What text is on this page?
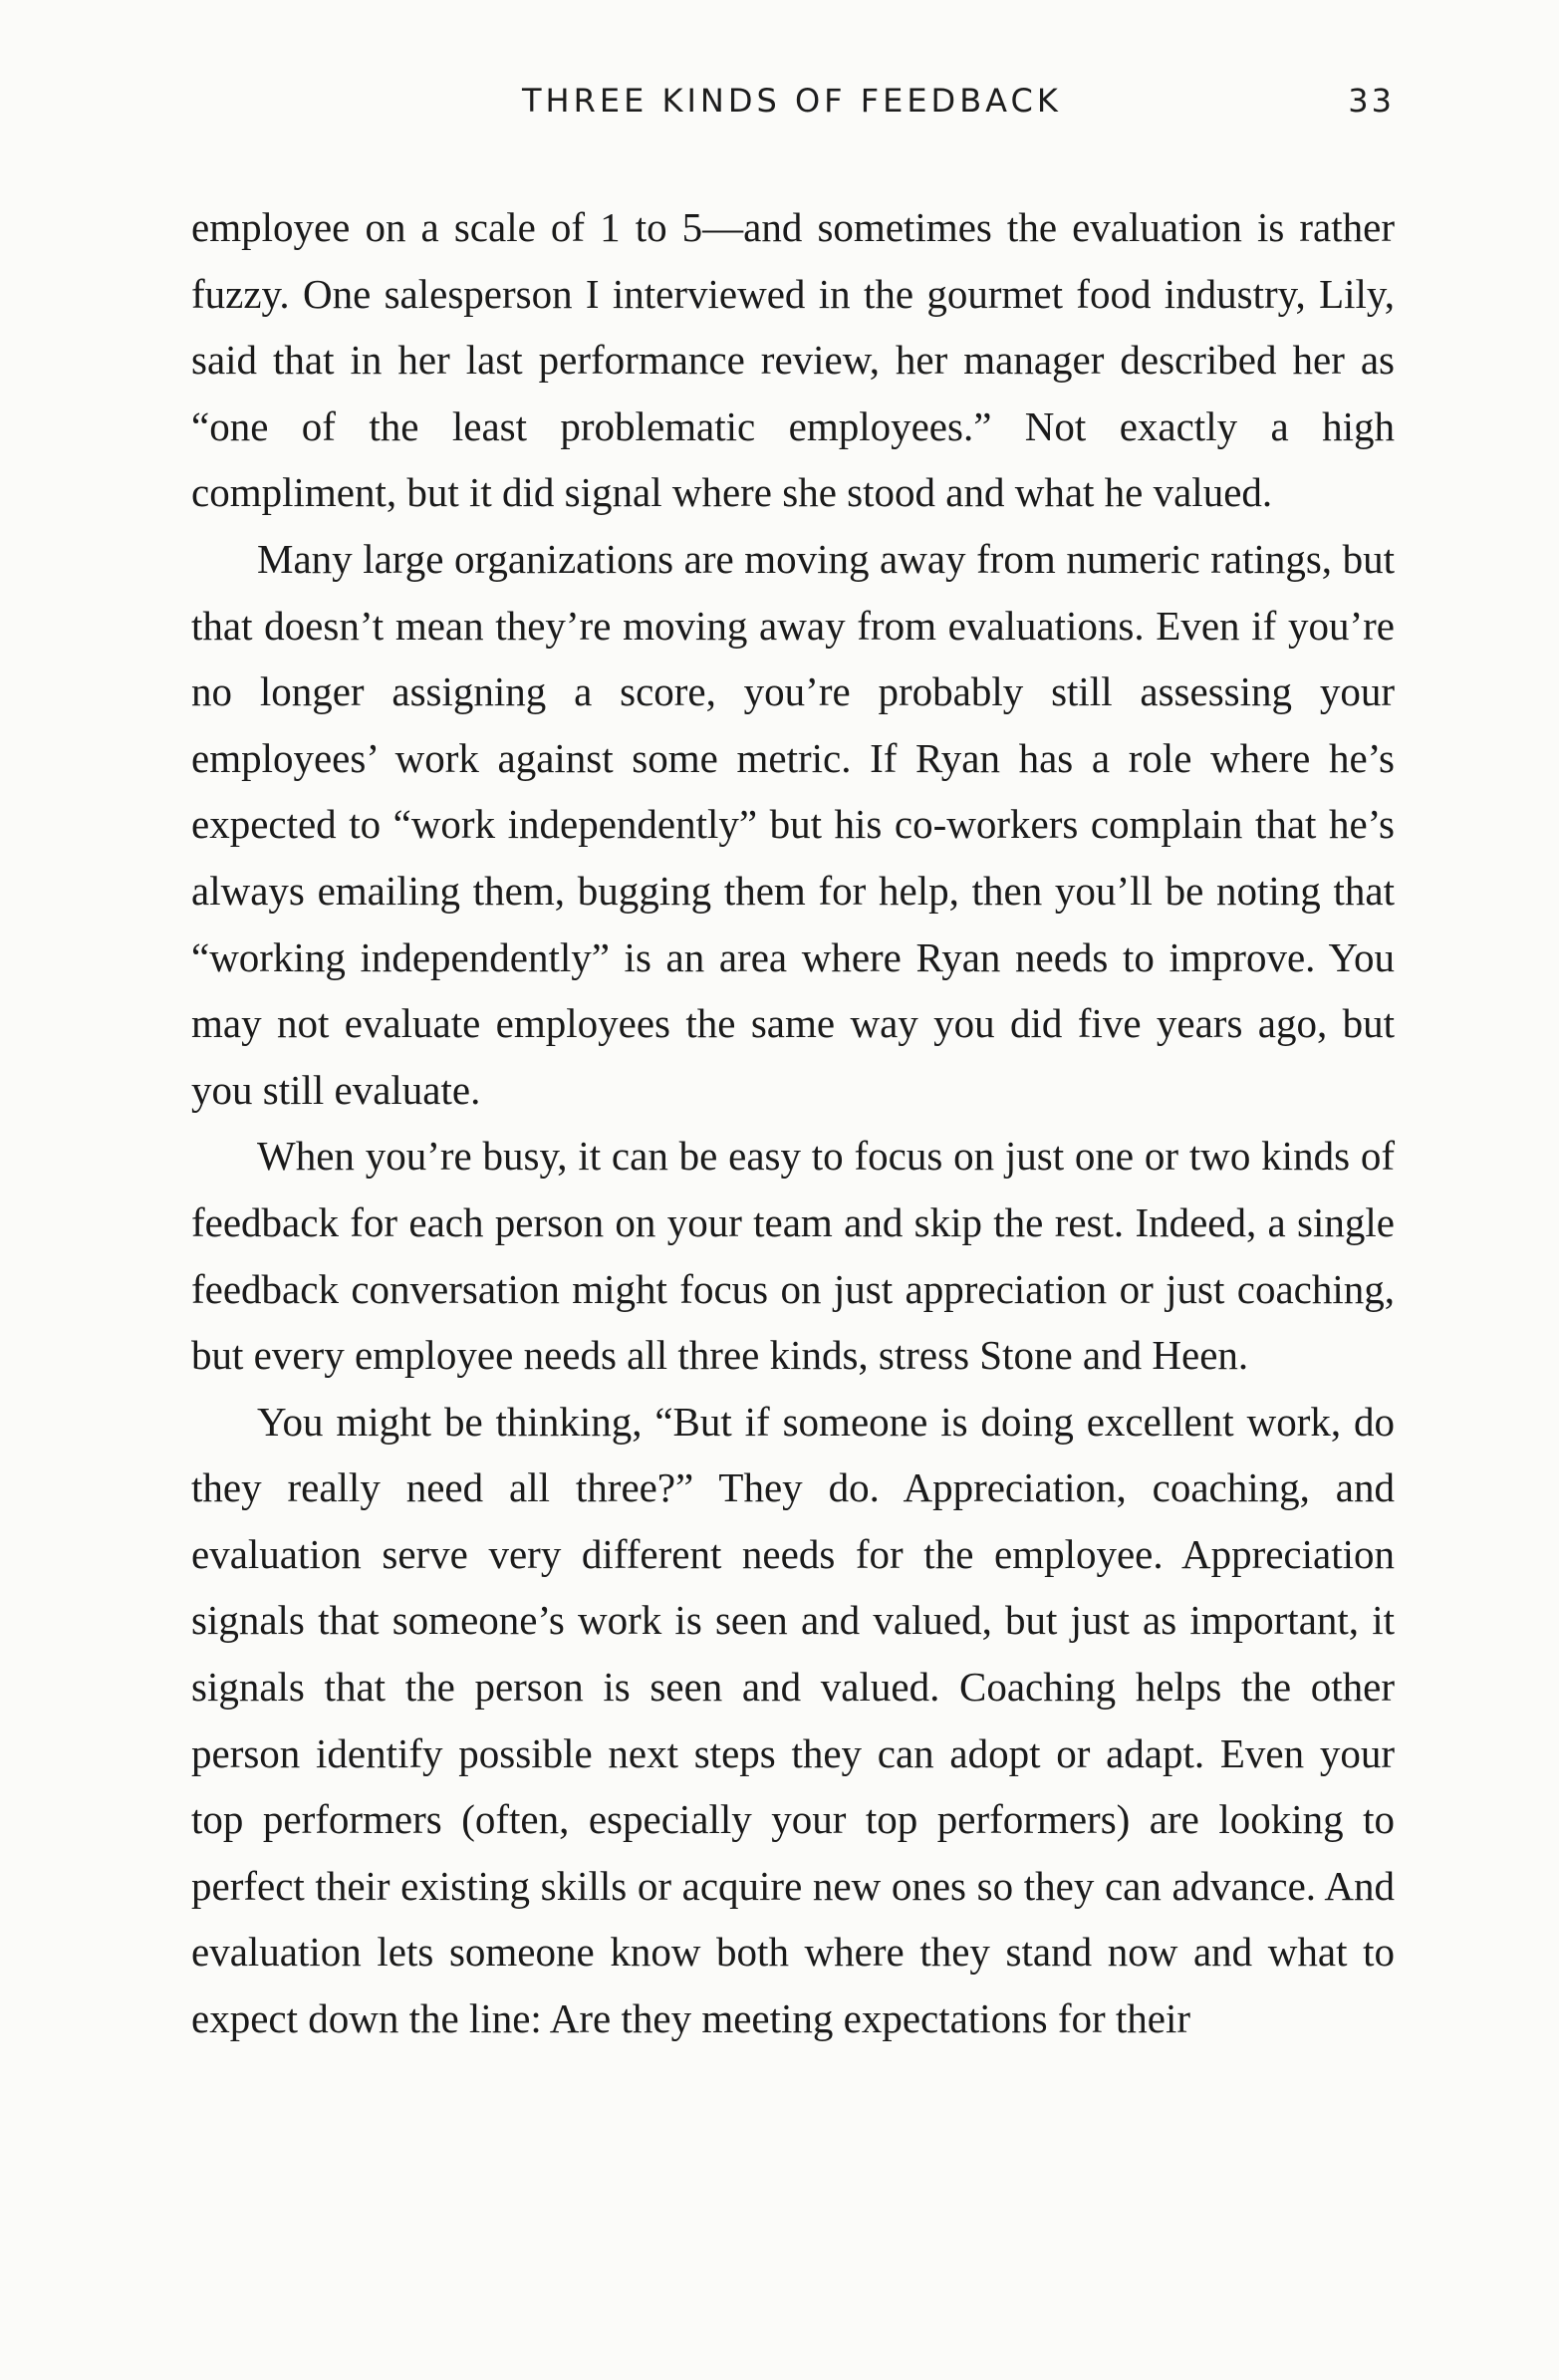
THREE KINDS OF FEEDBACK	33

employee on a scale of 1 to 5—and sometimes the evaluation is rather fuzzy. One salesperson I interviewed in the gourmet food industry, Lily, said that in her last performance review, her manager described her as “one of the least problematic employees.” Not exactly a high compliment, but it did signal where she stood and what he valued.

Many large organizations are moving away from numeric ratings, but that doesn’t mean they’re moving away from evaluations. Even if you’re no longer assigning a score, you’re probably still assessing your employees’ work against some metric. If Ryan has a role where he’s expected to “work independently” but his co-workers complain that he’s always emailing them, bugging them for help, then you’ll be noting that “working independently” is an area where Ryan needs to improve. You may not evaluate employees the same way you did five years ago, but you still evaluate.

When you’re busy, it can be easy to focus on just one or two kinds of feedback for each person on your team and skip the rest. Indeed, a single feedback conversation might focus on just appreciation or just coaching, but every employee needs all three kinds, stress Stone and Heen.

You might be thinking, “But if someone is doing excellent work, do they really need all three?” They do. Appreciation, coaching, and evaluation serve very different needs for the employee. Appreciation signals that someone’s work is seen and valued, but just as important, it signals that the person is seen and valued. Coaching helps the other person identify possible next steps they can adopt or adapt. Even your top performers (often, especially your top performers) are looking to perfect their existing skills or acquire new ones so they can advance. And evaluation lets someone know both where they stand now and what to expect down the line: Are they meeting expectations for their
